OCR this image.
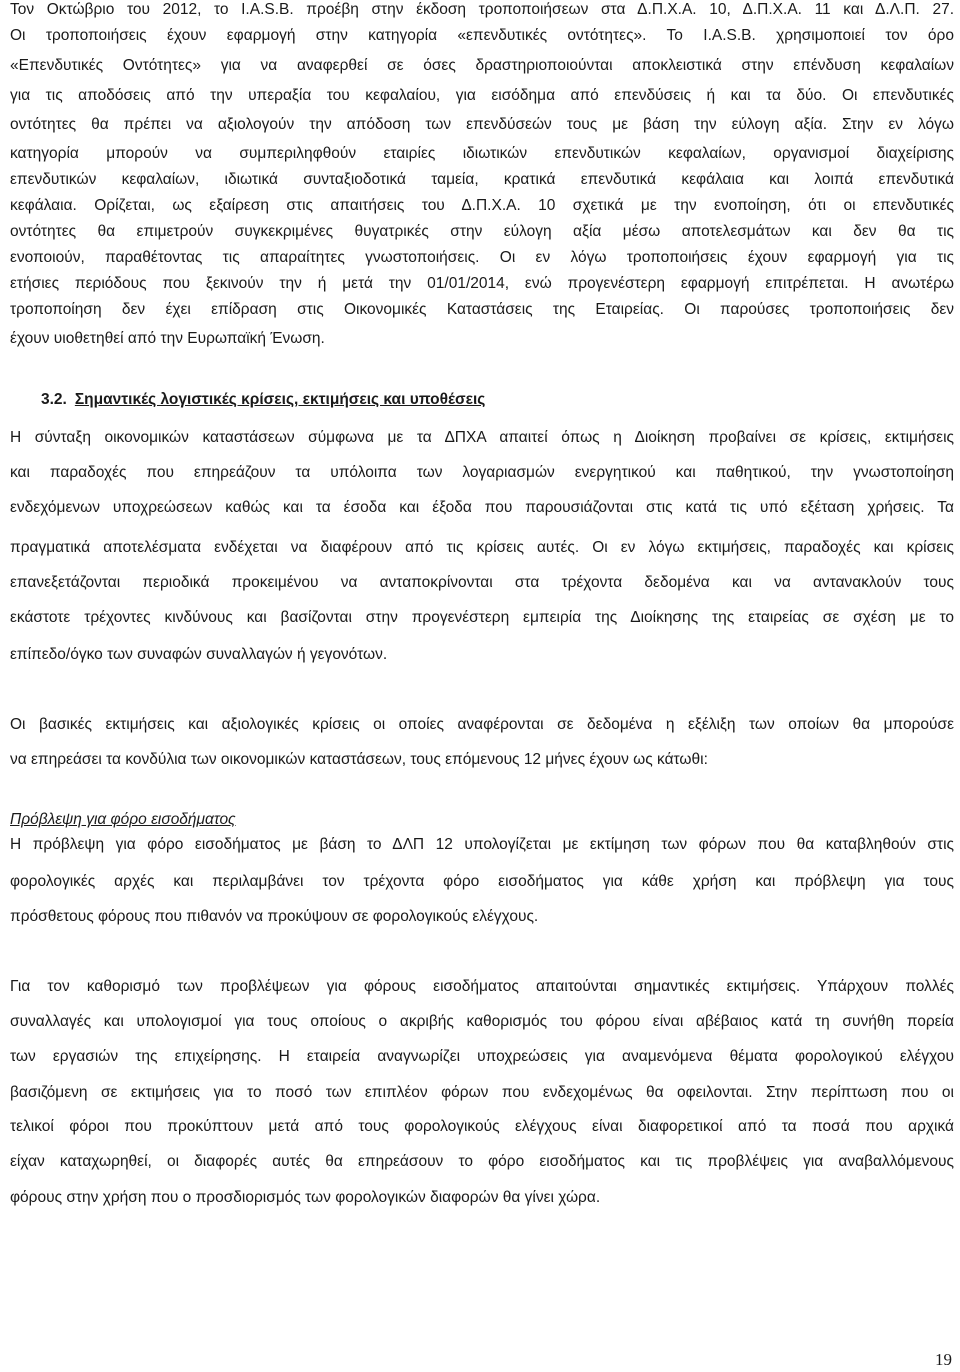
Τον Οκτώβριο του 2012, το I.A.S.B. προέβη στην έκδοση τροποποιήσεων στα Δ.Π.Χ.Α. 10, Δ.Π.Χ.Α. 11 και Δ.Λ.Π. 27.
Οι τροποποιήσεις έχουν εφαρμογή στην κατηγορία «επενδυτικές οντότητες». Το I.A.S.B. χρησιμοποιεί τον όρο
«Επενδυτικές Οντότητες» για να αναφερθεί σε όσες δραστηριοποιούνται αποκλειστικά στην επένδυση κεφαλαίων
για τις αποδόσεις από την υπεραξία του κεφαλαίου, για εισόδημα από επενδύσεις ή και τα δύο. Οι επενδυτικές
οντότητες θα πρέπει να αξιολογούν την απόδοση των επενδύσεών τους με βάση την εύλογη αξία. Στην εν λόγω
κατηγορία μπορούν να συμπεριληφθούν εταιρίες ιδιωτικών επενδυτικών κεφαλαίων, οργανισμοί διαχείρισης
επενδυτικών κεφαλαίων, ιδιωτικά συνταξιοδοτικά ταμεία, κρατικά επενδυτικά κεφάλαια και λοιπά επενδυτικά
κεφάλαια. Ορίζεται, ως εξαίρεση στις απαιτήσεις του Δ.Π.Χ.Α. 10 σχετικά με την ενοποίηση, ότι οι επενδυτικές
οντότητες θα επιμετρούν συγκεκριμένες θυγατρικές στην εύλογη αξία μέσω αποτελεσμάτων και δεν θα τις
ενοποιούν, παραθέτοντας τις απαραίτητες γνωστοποιήσεις. Οι εν λόγω τροποποιήσεις έχουν εφαρμογή για τις
ετήσιες περιόδους που ξεκινούν την ή μετά την 01/01/2014, ενώ προγενέστερη εφαρμογή επιτρέπεται. Η ανωτέρω
τροποποίηση δεν έχει επίδραση στις Οικονομικές Καταστάσεις της Εταιρείας. Οι παρούσες τροποποιήσεις δεν
έχουν υιοθετηθεί από την Ευρωπαϊκή Ένωση.
3.2. Σημαντικές λογιστικές κρίσεις, εκτιμήσεις και υποθέσεις
Η σύνταξη οικονομικών καταστάσεων σύμφωνα με τα ΔΠΧΑ απαιτεί όπως η Διοίκηση προβαίνει σε κρίσεις, εκτιμήσεις
και παραδοχές που επηρεάζουν τα υπόλοιπα των λογαριασμών ενεργητικού και παθητικού, την γνωστοποίηση
ενδεχόμενων υποχρεώσεων καθώς και τα έσοδα και έξοδα που παρουσιάζονται στις κατά τις υπό εξέταση χρήσεις. Τα
πραγματικά αποτελέσματα ενδέχεται να διαφέρουν από τις κρίσεις αυτές. Οι εν λόγω εκτιμήσεις, παραδοχές και κρίσεις
επανεξετάζονται περιοδικά προκειμένου να ανταποκρίνονται στα τρέχοντα δεδομένα και να αντανακλούν τους
εκάστοτε τρέχοντες κινδύνους και βασίζονται στην προγενέστερη εμπειρία της Διοίκησης της εταιρείας σε σχέση με το
επίπεδο/όγκο των συναφών συναλλαγών ή γεγονότων.
Οι βασικές εκτιμήσεις και αξιολογικές κρίσεις οι οποίες αναφέρονται σε δεδομένα η εξέλιξη των οποίων θα μπορούσε
να επηρεάσει τα κονδύλια των οικονομικών καταστάσεων, τους επόμενους 12 μήνες έχουν ως κάτωθι:
Πρόβλεψη για φόρο εισοδήματος
Η πρόβλεψη για φόρο εισοδήματος με βάση το ΔΛΠ 12 υπολογίζεται με εκτίμηση των φόρων που θα καταβληθούν στις
φορολογικές αρχές και περιλαμβάνει τον τρέχοντα φόρο εισοδήματος για κάθε χρήση και πρόβλεψη για τους
πρόσθετους φόρους που πιθανόν να προκύψουν σε φορολογικούς ελέγχους.
Για τον καθορισμό των προβλέψεων για φόρους εισοδήματος απαιτούνται σημαντικές εκτιμήσεις. Υπάρχουν πολλές
συναλλαγές και υπολογισμοί για τους οποίους ο ακριβής καθορισμός του φόρου είναι αβέβαιος κατά τη συνήθη πορεία
των εργασιών της επιχείρησης. Η εταιρεία αναγνωρίζει υποχρεώσεις για αναμενόμενα θέματα φορολογικού ελέγχου
βασιζόμενη σε εκτιμήσεις για το ποσό των επιπλέον φόρων που ενδεχομένως θα οφειλονται. Στην περίπτωση που οι
τελικοί φόροι που προκύπτουν μετά από τους φορολογικούς ελέγχους είναι διαφορετικοί από τα ποσά που αρχικά
είχαν καταχωρηθεί, οι διαφορές αυτές θα επηρεάσουν το φόρο εισοδήματος και τις προβλέψεις για αναβαλλόμενους
φόρους στην χρήση που ο προσδιορισμός των φορολογικών διαφορών θα γίνει χώρα.
19
